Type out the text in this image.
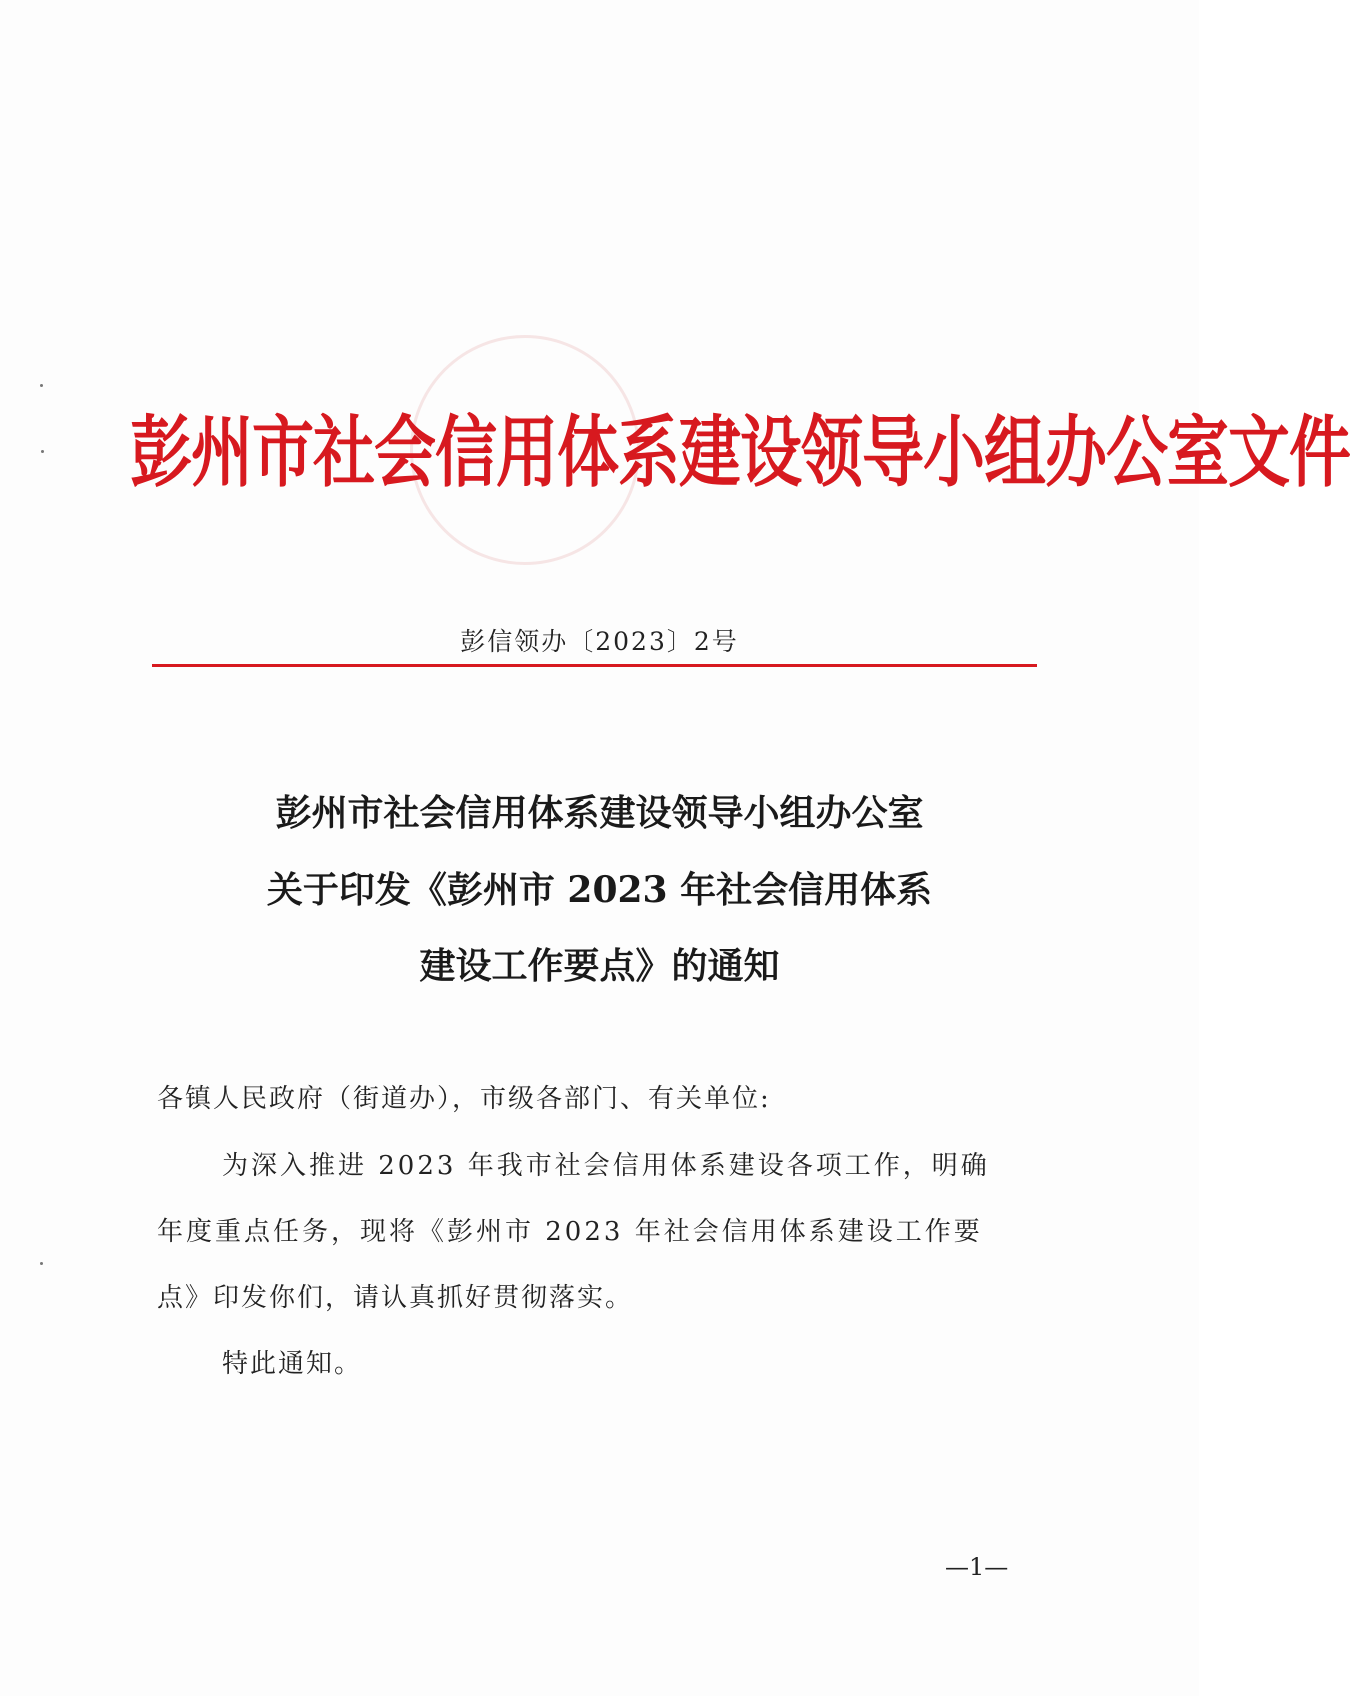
彭州市社会信用体系建设领导小组办公室文件
彭信领办〔2023〕2号
彭州市社会信用体系建设领导小组办公室
关于印发《彭州市 2023 年社会信用体系
建设工作要点》的通知
各镇人民政府（街道办），市级各部门、有关单位:
为深入推进 2023 年我市社会信用体系建设各项工作，明确
年度重点任务，现将《彭州市 2023 年社会信用体系建设工作要
点》印发你们，请认真抓好贯彻落实。
特此通知。
—1—
